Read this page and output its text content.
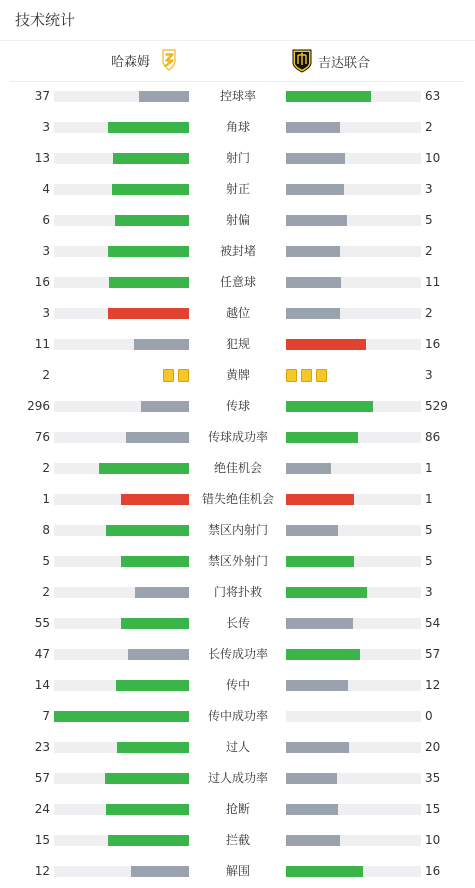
技术统计
哈森姆	吉达联合
37	控球率	63
3	角球	2
13	射门	10
4	射正	3
6	射偏	5
3	被封堵	2
16	任意球	11
3	越位	2
11	犯规	16
2	黄牌	3
296	传球	529
76	传球成功率	86
2	绝佳机会	1
1	错失绝佳机会	1
8	禁区内射门	5
5	禁区外射门	5
2	门将扑救	3
55	长传	54
47	长传成功率	57
14	传中	12
7	传中成功率	0
23	过人	20
57	过人成功率	35
24	抢断	15
15	拦截	10
12	解围	16
